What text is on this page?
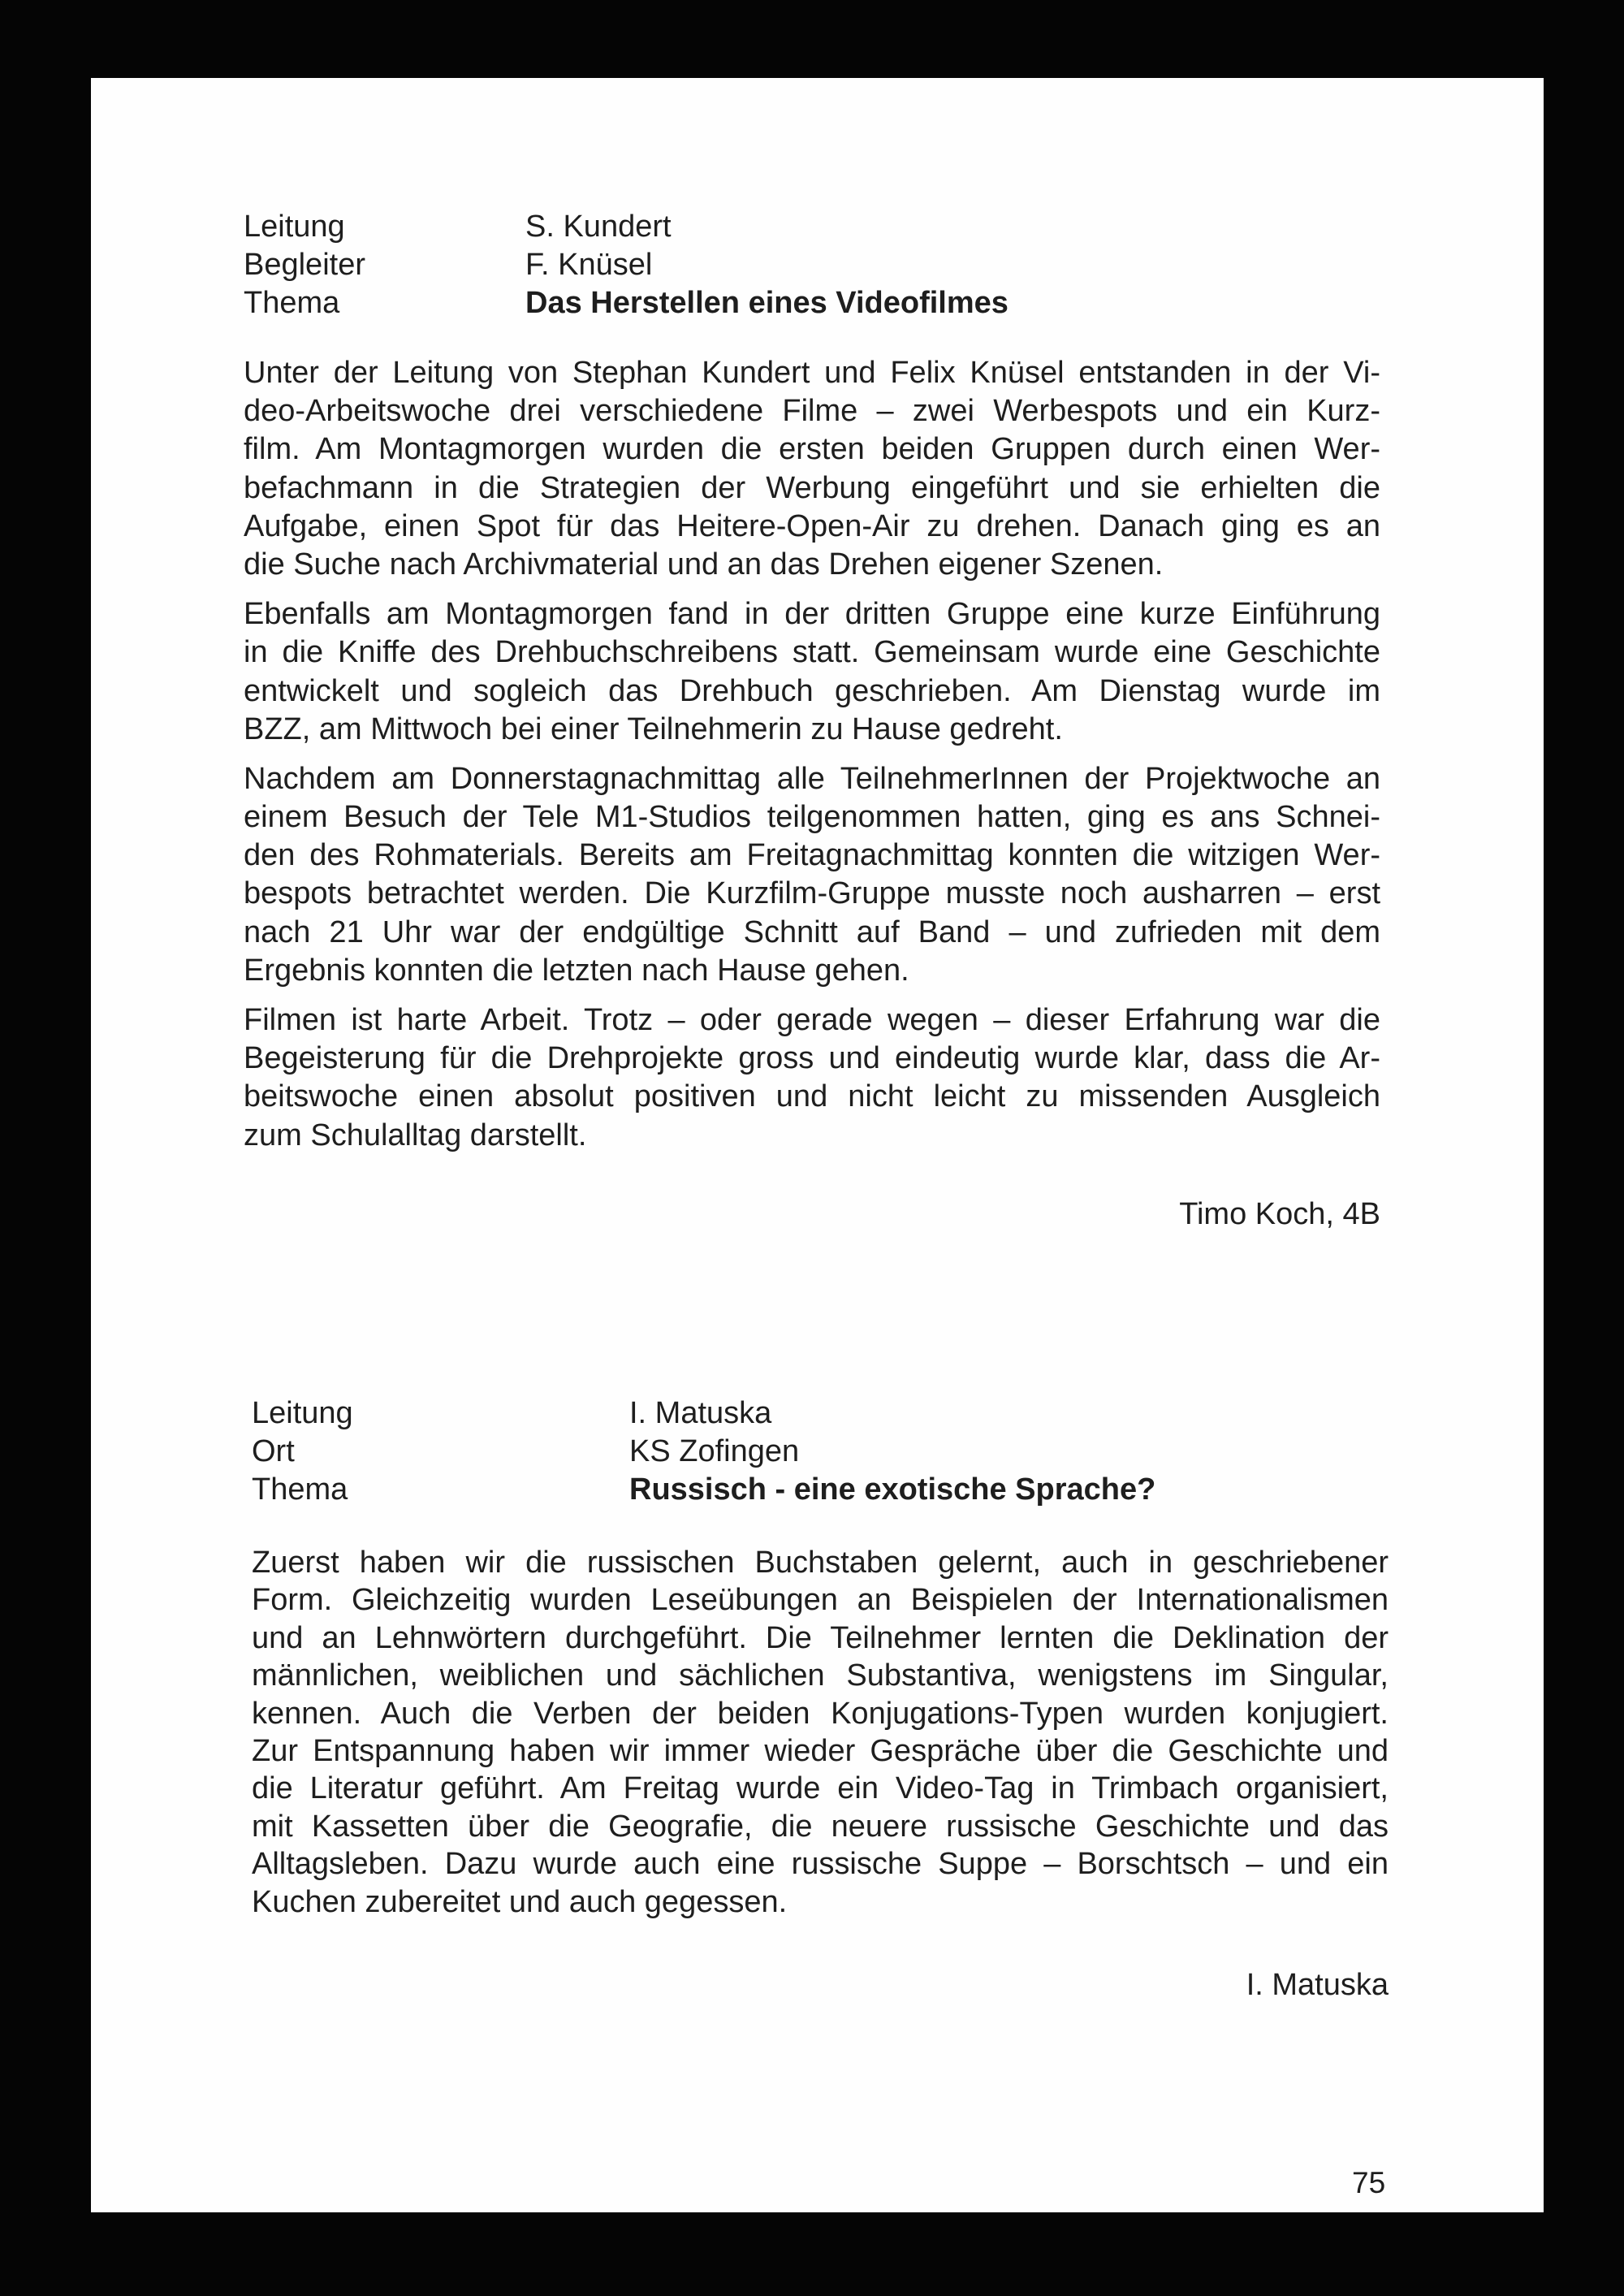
Leitung	S. Kundert
Begleiter	F. Knüsel
Thema	Das Herstellen eines Videofilmes
Unter der Leitung von Stephan Kundert und Felix Knüsel entstanden in der Vi-
deo-Arbeitswoche drei verschiedene Filme – zwei Werbespots und ein Kurz-
film. Am Montagmorgen wurden die ersten beiden Gruppen durch einen Wer-
befachmann in die Strategien der Werbung eingeführt und sie erhielten die
Aufgabe, einen Spot für das Heitere-Open-Air zu drehen. Danach ging es an
die Suche nach Archivmaterial und an das Drehen eigener Szenen.
Ebenfalls am Montagmorgen fand in der dritten Gruppe eine kurze Einführung
in die Kniffe des Drehbuchschreibens statt. Gemeinsam wurde eine Geschichte
entwickelt und sogleich das Drehbuch geschrieben. Am Dienstag wurde im
BZZ, am Mittwoch bei einer Teilnehmerin zu Hause gedreht.
Nachdem am Donnerstagnachmittag alle TeilnehmerInnen der Projektwoche an
einem Besuch der Tele M1-Studios teilgenommen hatten, ging es ans Schnei-
den des Rohmaterials. Bereits am Freitagnachmittag konnten die witzigen Wer-
bespots betrachtet werden. Die Kurzfilm-Gruppe musste noch ausharren – erst
nach 21 Uhr war der endgültige Schnitt auf Band – und zufrieden mit dem
Ergebnis konnten die letzten nach Hause gehen.
Filmen ist harte Arbeit. Trotz – oder gerade wegen – dieser Erfahrung war die
Begeisterung für die Drehprojekte gross und eindeutig wurde klar, dass die Ar-
beitswoche einen absolut positiven und nicht leicht zu missenden Ausgleich
zum Schulalltag darstellt.
Timo Koch, 4B
Leitung	I. Matuska
Ort	KS Zofingen
Thema	Russisch - eine exotische Sprache?
Zuerst haben wir die russischen Buchstaben gelernt, auch in geschriebener
Form. Gleichzeitig wurden Leseübungen an Beispielen der Internationalismen
und an Lehnwörtern durchgeführt. Die Teilnehmer lernten die Deklination der
männlichen, weiblichen und sächlichen Substantiva, wenigstens im Singular,
kennen. Auch die Verben der beiden Konjugations-Typen wurden konjugiert.
Zur Entspannung haben wir immer wieder Gespräche über die Geschichte und
die Literatur geführt. Am Freitag wurde ein Video-Tag in Trimbach organisiert,
mit Kassetten über die Geografie, die neuere russische Geschichte und das
Alltagsleben. Dazu wurde auch eine russische Suppe – Borschtsch – und ein
Kuchen zubereitet und auch gegessen.
I. Matuska
75
